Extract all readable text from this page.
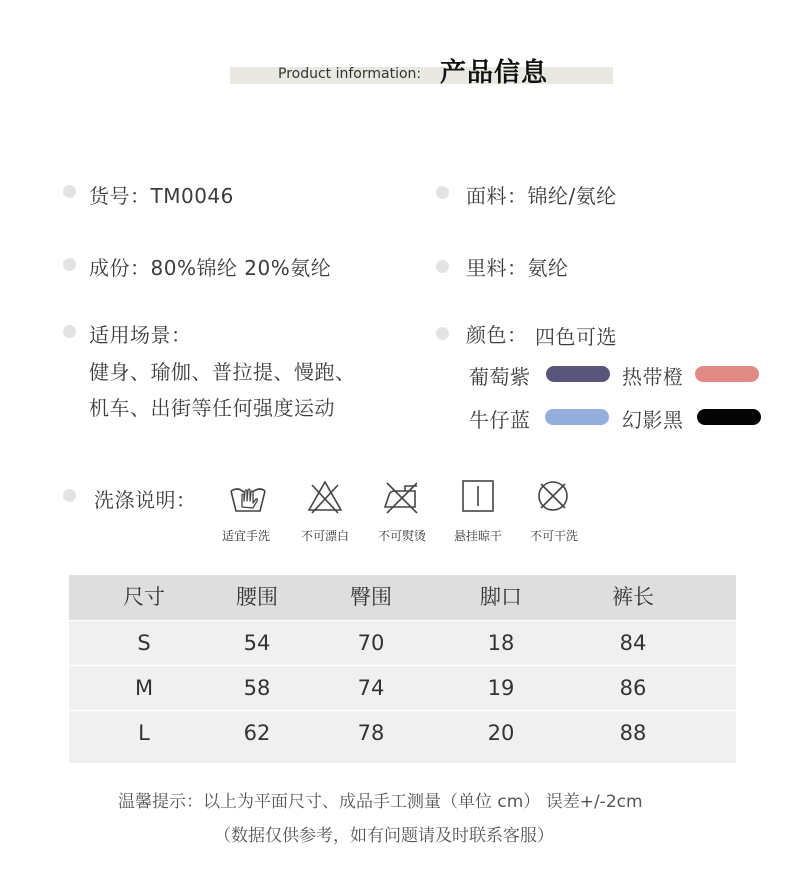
Product information: 产品信息
货号：TM0046	面料：锦纶/氨纶
成份：80%锦纶 20%氨纶	里料：氨纶
适用场景：
健身、瑜伽、普拉提、慢跑、
机车、出街等任何强度运动
颜色： 四色可选
葡萄紫	热带橙
牛仔蓝	幻影黑
洗涤说明：
适宜手洗	不可漂白	不可熨烫	悬挂晾干	不可干洗
尺寸	腰围	臀围	脚口	裤长
S	54	70	18	84
M	58	74	19	86
L	62	78	20	88
温馨提示：以上为平面尺寸、成品手工测量（单位 cm） 误差+/-2cm
（数据仅供参考，如有问题请及时联系客服）
